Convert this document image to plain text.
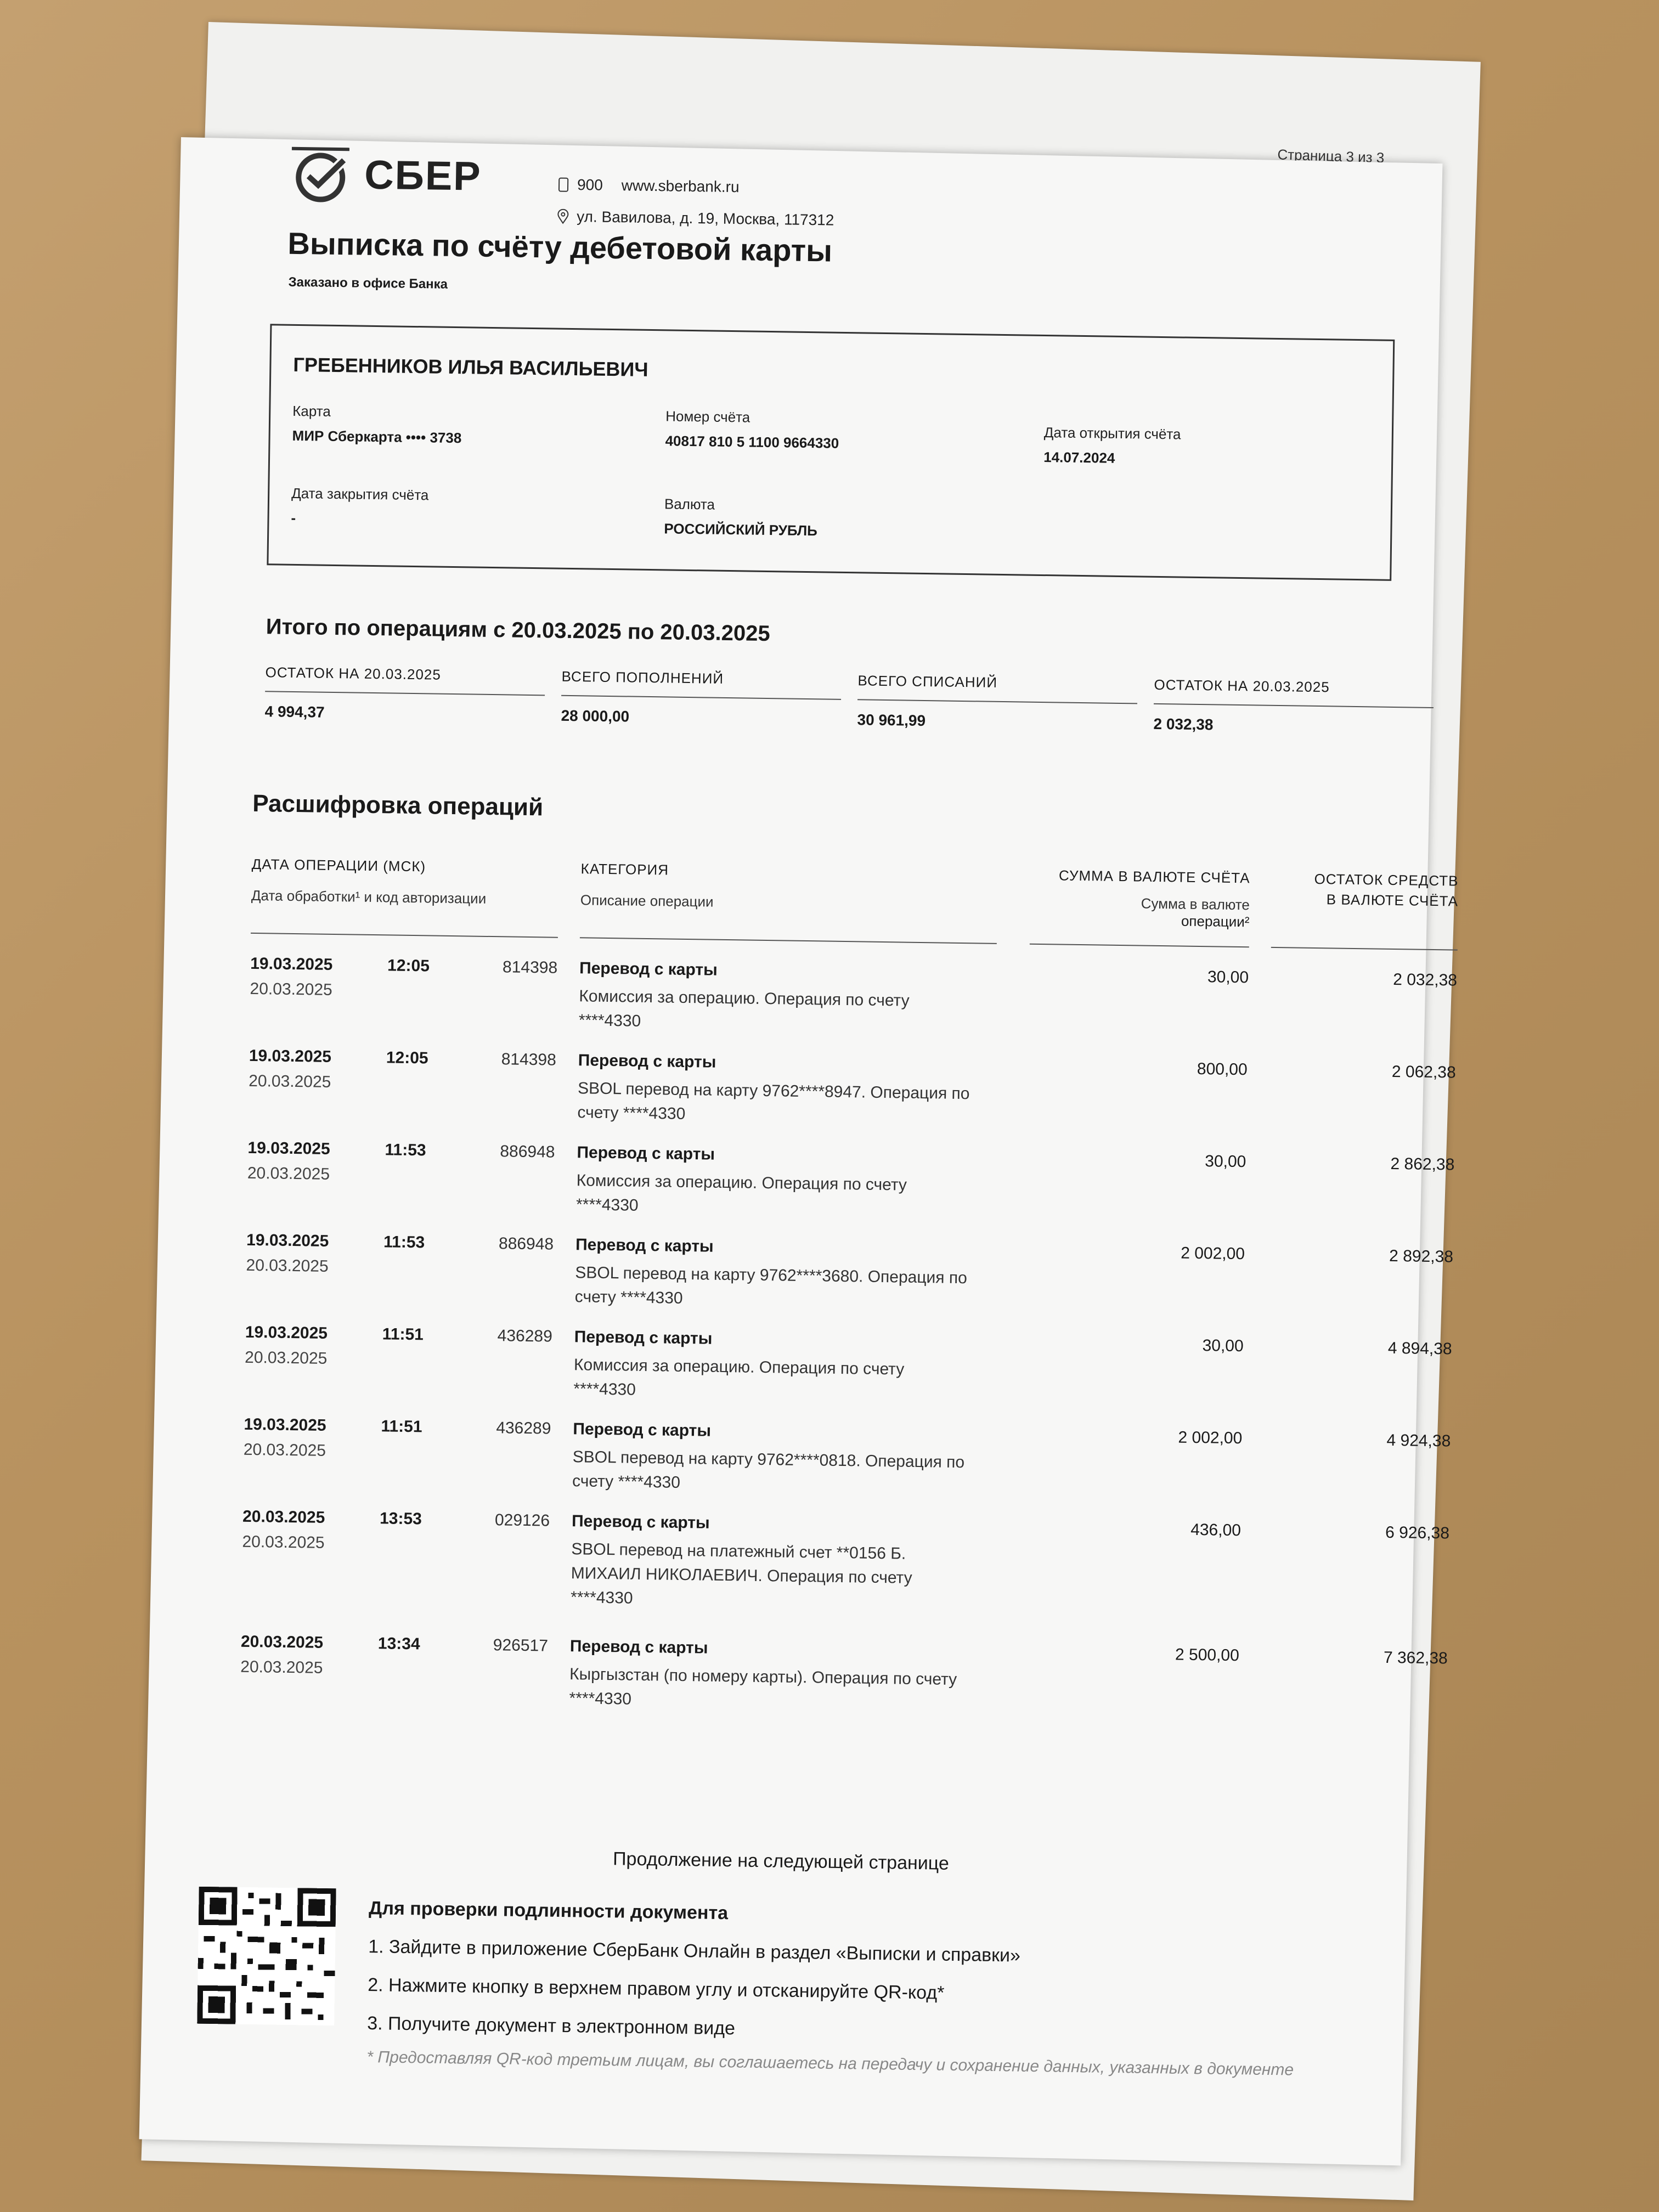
Страница 3 из 3
СБЕР	900 www.sberbank.ru
ул. Вавилова, д. 19, Москва, 117312
Выписка по счёту дебетовой карты
Заказано в офисе Банка
ГРЕБЕННИКОВ ИЛЬЯ ВАСИЛЬЕВИЧ
Карта
МИР Сберкарта •••• 3738
Номер счёта
40817 810 5 1100 9664330	Дата открытия счёта
14.07.2024
Дата закрытия счёта
-
Валюта
РОССИЙСКИЙ РУБЛЬ
Итого по операциям с 20.03.2025 по 20.03.2025
ОСТАТОК НА 20.03.2025
4 994,37
ВСЕГО ПОПОЛНЕНИЙ
28 000,00
ВСЕГО СПИСАНИЙ
30 961,99
ОСТАТОК НА 20.03.2025
2 032,38
Расшифровка операций
ДАТА ОПЕРАЦИИ (МСК)
Дата обработки¹ и код авторизации
КАТЕГОРИЯ
Описание операции
СУММА В ВАЛЮТЕ СЧЁТА
Сумма в валюте
операции²
ОСТАТОК СРЕДСТВ
В ВАЛЮТЕ СЧЁТА
19.03.2025
20.03.2025
12:05	814398 Перевод с карты
Комиссия за операцию. Операция по счету
****4330
30,00	2 032,38
19.03.2025
20.03.2025
12:05	814398 Перевод с карты
SBOL перевод на карту 9762****8947. Операция по
счету ****4330
800,00	2 062,38
19.03.2025
20.03.2025
11:53	886948 Перевод с карты
Комиссия за операцию. Операция по счету
****4330
30,00	2 862,38
19.03.2025
20.03.2025
11:53	886948 Перевод с карты
SBOL перевод на карту 9762****3680. Операция по
счету ****4330
2 002,00	2 892,38
19.03.2025
20.03.2025
11:51	436289 Перевод с карты
Комиссия за операцию. Операция по счету
****4330
30,00	4 894,38
19.03.2025
20.03.2025
11:51	436289 Перевод с карты
SBOL перевод на карту 9762****0818. Операция по
счету ****4330
2 002,00	4 924,38
20.03.2025
20.03.2025
13:53	029126 Перевод с карты
SBOL перевод на платежный счет **0156 Б.
МИХАИЛ НИКОЛАЕВИЧ. Операция по счету
****4330
436,00	6 926,38
20.03.2025
20.03.2025
13:34	926517 Перевод с карты
Кыргызстан (по номеру карты). Операция по счету
****4330
2 500,00	7 362,38
Продолжение на следующей странице
Для проверки подлинности документа
1. Зайдите в приложение СберБанк Онлайн в раздел «Выписки и справки»
2. Нажмите кнопку в верхнем правом углу и отсканируйте QR-код*
3. Получите документ в электронном виде
* Предоставляя QR-код третьим лицам, вы соглашаетесь на передачу и сохранение данных, указанных в документе
